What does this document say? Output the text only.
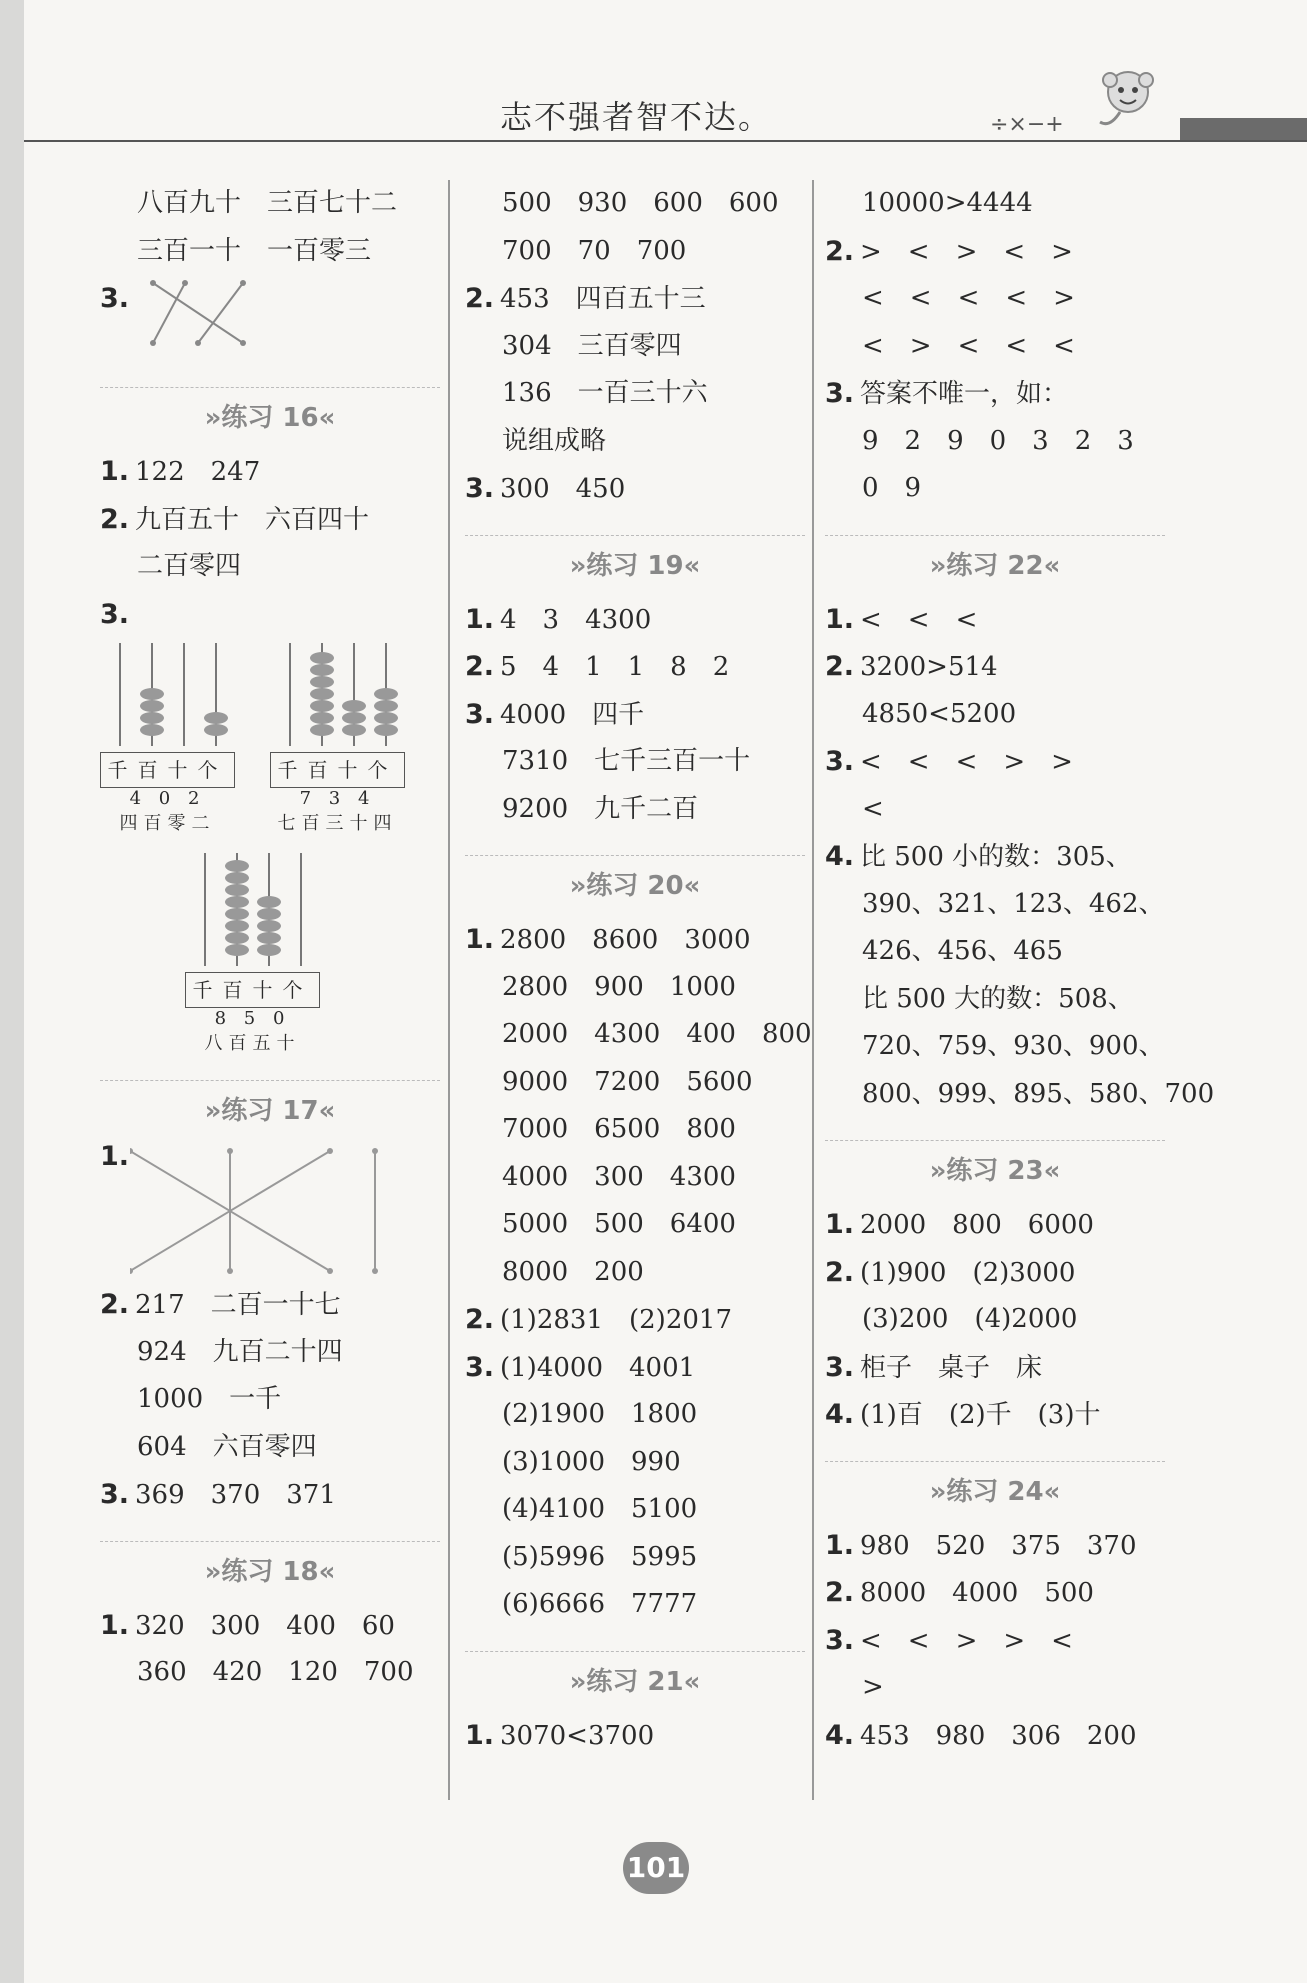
志不强者智不达。	÷×−+
八百九十　三百七十二
三百一十　一百零三
3.
»练习 16«
1. 122　247
2. 九百五十　六百四十
二百零四
3.
千百十个
4 0 2
四百零二
千百十个
7 3 4
七百三十四
千百十个
8 5 0
八百五十
»练习 17«
1.
2. 217　二百一十七
924　九百二十四
1000　一千
604　六百零四
3. 369　370　371
»练习 18«
1. 320　300　400　60
360　420　120　700
500　930　600　600
700　70　700
2. 453　四百五十三
304　三百零四
136　一百三十六
说组成略
3. 300　450
»练习 19«
1. 4　3　4300
2. 5　4　1　1　8　2
3. 4000　四千
7310　七千三百一十
9200　九千二百
»练习 20«
1. 2800　8600　3000
2800　900　1000
2000　4300　400　800
9000　7200　5600
7000　6500　800
4000　300　4300
5000　500　6400
8000　200
2. (1)2831　(2)2017
3. (1)4000　4001
(2)1900　1800
(3)1000　990
(4)4100　5100
(5)5996　5995
(6)6666　7777
»练习 21«
1. 3070<3700
10000>4444
2. >　<　>　<　>
<　<　<　<　>
<　>　<　<　<
3. 答案不唯一，如：
9　2　9　0　3　2　3
0　9
»练习 22«
1. <　<　<
2. 3200>514
4850<5200
3. <　<　<　>　>
<
4. 比 500 小的数：305、
390、321、123、462、
426、456、465
比 500 大的数：508、
720、759、930、900、
800、999、895、580、700
»练习 23«
1. 2000　800　6000
2. (1)900　(2)3000
(3)200　(4)2000
3. 柜子　桌子　床
4. (1)百　(2)千　(3)十
»练习 24«
1. 980　520　375　370
2. 8000　4000　500
3. <　<　>　>　<
>
4. 453　980　306　200
101
